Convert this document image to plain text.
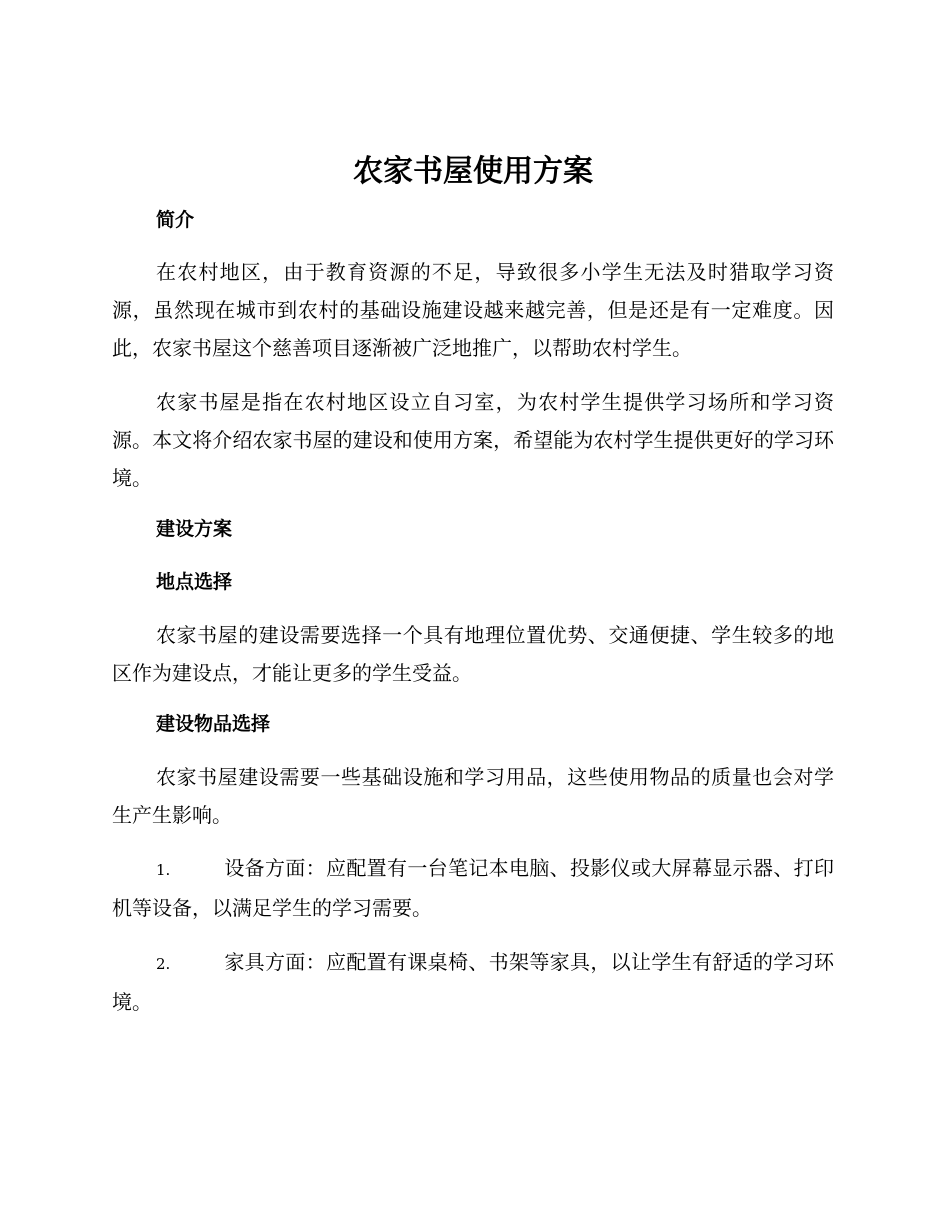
农家书屋使用方案
简介

在农村地区，由于教育资源的不足，导致很多小学生无法及时猎取学习资源，虽然现在城市到农村的基础设施建设越来越完善，但是还是有一定难度。因此，农家书屋这个慈善项目逐渐被广泛地推广，以帮助农村学生。

农家书屋是指在农村地区设立自习室，为农村学生提供学习场所和学习资源。本文将介绍农家书屋的建设和使用方案，希望能为农村学生提供更好的学习环境。

建设方案
地点选择

农家书屋的建设需要选择一个具有地理位置优势、交通便捷、学生较多的地区作为建设点，才能让更多的学生受益。

建设物品选择

农家书屋建设需要一些基础设施和学习用品，这些使用物品的质量也会对学生产生影响。

1.	设备方面：应配置有一台笔记本电脑、投影仪或大屏幕显示器、打印机等设备，以满足学生的学习需要。

2.	家具方面：应配置有课桌椅、书架等家具，以让学生有舒适的学习环境。
